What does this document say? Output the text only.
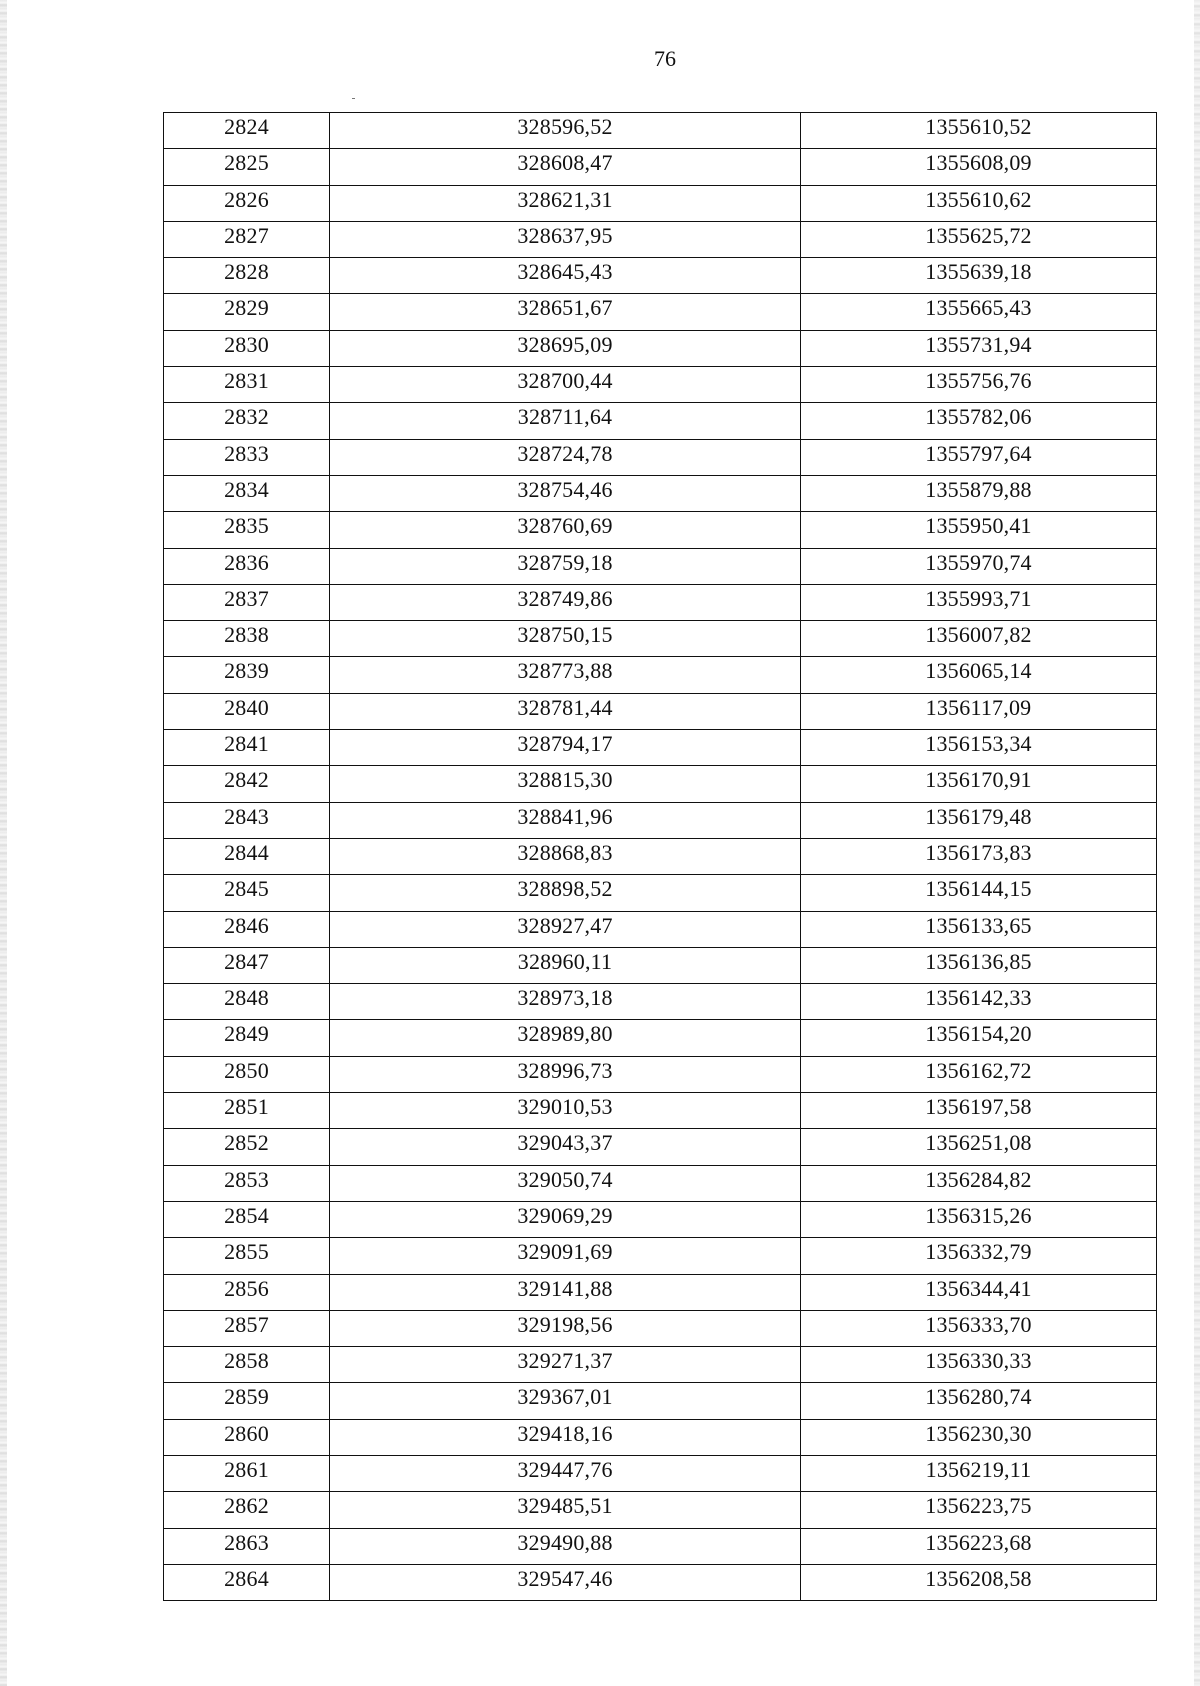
76
2824	328596,52	1355610,52
2825	328608,47	1355608,09
2826	328621,31	1355610,62
2827	328637,95	1355625,72
2828	328645,43	1355639,18
2829	328651,67	1355665,43
2830	328695,09	1355731,94
2831	328700,44	1355756,76
2832	328711,64	1355782,06
2833	328724,78	1355797,64
2834	328754,46	1355879,88
2835	328760,69	1355950,41
2836	328759,18	1355970,74
2837	328749,86	1355993,71
2838	328750,15	1356007,82
2839	328773,88	1356065,14
2840	328781,44	1356117,09
2841	328794,17	1356153,34
2842	328815,30	1356170,91
2843	328841,96	1356179,48
2844	328868,83	1356173,83
2845	328898,52	1356144,15
2846	328927,47	1356133,65
2847	328960,11	1356136,85
2848	328973,18	1356142,33
2849	328989,80	1356154,20
2850	328996,73	1356162,72
2851	329010,53	1356197,58
2852	329043,37	1356251,08
2853	329050,74	1356284,82
2854	329069,29	1356315,26
2855	329091,69	1356332,79
2856	329141,88	1356344,41
2857	329198,56	1356333,70
2858	329271,37	1356330,33
2859	329367,01	1356280,74
2860	329418,16	1356230,30
2861	329447,76	1356219,11
2862	329485,51	1356223,75
2863	329490,88	1356223,68
2864	329547,46	1356208,58
